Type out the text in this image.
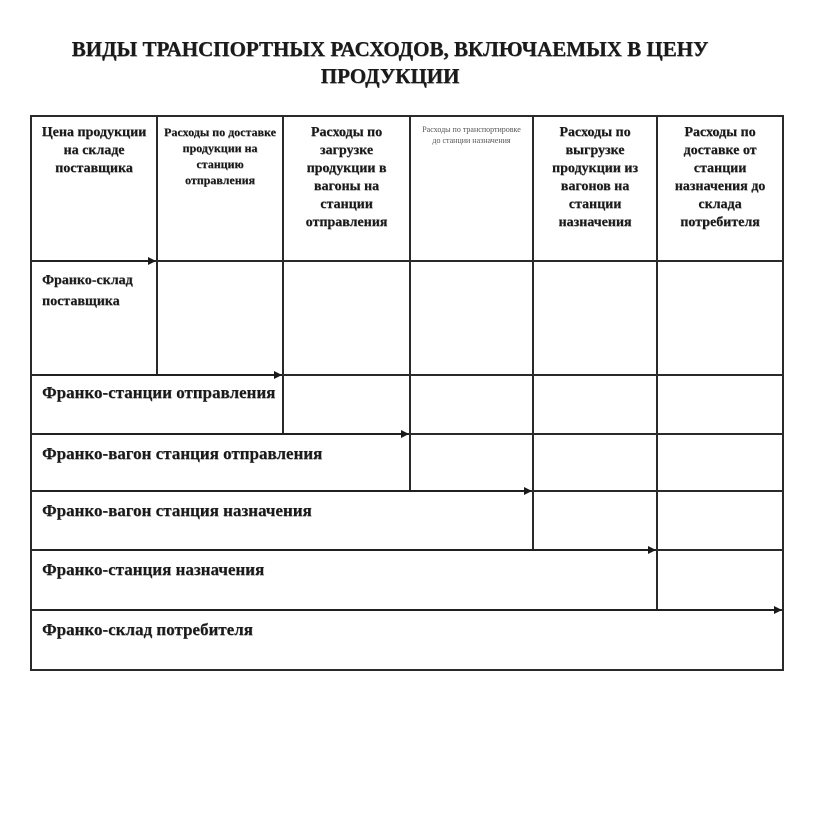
ВИДЫ ТРАНСПОРТНЫХ РАСХОДОВ, ВКЛЮЧАЕМЫХ В ЦЕНУ
ПРОДУКЦИИ
Цена продукции на складе поставщика
Расходы по доставке продукции на станцию отправления
Расходы по загрузке продукции в вагоны на станции отправления
Расходы по транспортировке до станции назначения
Расходы по выгрузке продукции из вагонов на станции назначения
Расходы по доставке от станции назначения до склада потребителя
Франко-склад поставщика
Франко-станции отправления
Франко-вагон станция отправления
Франко-вагон станция назначения
Франко-станция назначения
Франко-склад потребителя
